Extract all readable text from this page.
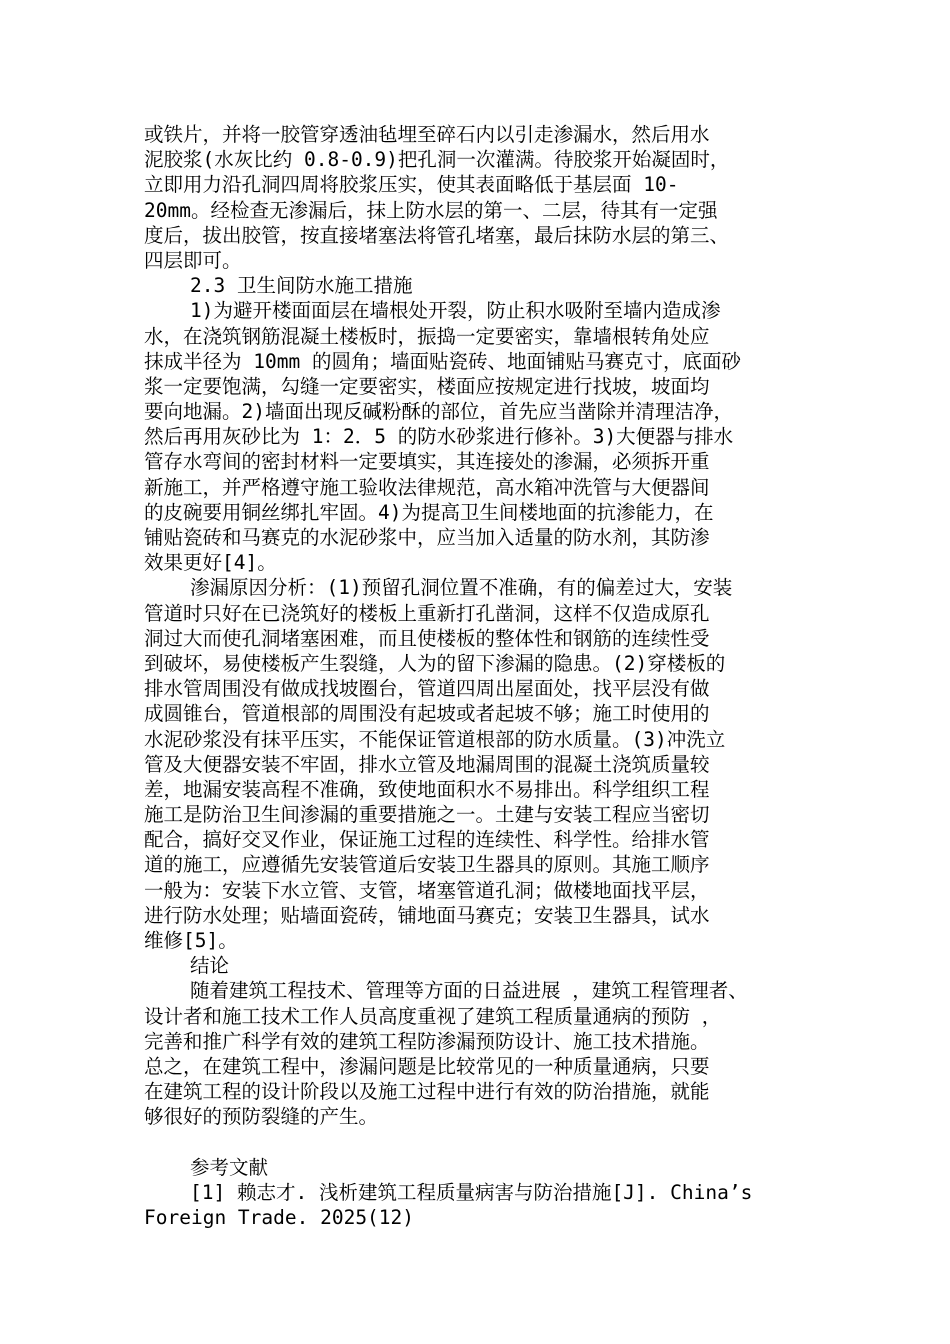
或铁片，并将一胶管穿透油毡埋至碎石内以引走渗漏水，然后用水
泥胶浆(水灰比约 0.8-0.9)把孔洞一次灌满。待胶浆开始凝固时，
立即用力沿孔洞四周将胶浆压实，使其表面略低于基层面 10-
20mm。经检查无渗漏后，抹上防水层的第一、二层，待其有一定强
度后，拔出胶管，按直接堵塞法将管孔堵塞，最后抹防水层的第三、
四层即可。
2.3 卫生间防水施工措施
1)为避开楼面面层在墙根处开裂，防止积水吸附至墙内造成渗
水，在浇筑钢筋混凝土楼板时，振捣一定要密实，靠墙根转角处应
抹成半径为 10mm 的圆角；墙面贴瓷砖、地面铺贴马赛克寸，底面砂
浆一定要饱满，勾缝一定要密实，楼面应按规定进行找坡，坡面均
要向地漏。2)墙面出现反碱粉酥的部位，首先应当凿除并清理洁净，
然后再用灰砂比为 1：2．5 的防水砂浆进行修补。3)大便器与排水
管存水弯间的密封材料一定要填实，其连接处的渗漏，必须拆开重
新施工，并严格遵守施工验收法律规范，高水箱冲洗管与大便器间
的皮碗要用铜丝绑扎牢固。4)为提高卫生间楼地面的抗渗能力，在
铺贴瓷砖和马赛克的水泥砂浆中，应当加入适量的防水剂，其防渗
效果更好[4]。
渗漏原因分析：(1)预留孔洞位置不准确，有的偏差过大，安装
管道时只好在已浇筑好的楼板上重新打孔凿洞，这样不仅造成原孔
洞过大而使孔洞堵塞困难，而且使楼板的整体性和钢筋的连续性受
到破坏，易使楼板产生裂缝，人为的留下渗漏的隐患。(2)穿楼板的
排水管周围没有做成找坡圈台，管道四周出屋面处，找平层没有做
成圆锥台，管道根部的周围没有起坡或者起坡不够；施工时使用的
水泥砂浆没有抹平压实，不能保证管道根部的防水质量。(3)冲洗立
管及大便器安装不牢固，排水立管及地漏周围的混凝土浇筑质量较
差，地漏安装高程不准确，致使地面积水不易排出。科学组织工程
施工是防治卫生间渗漏的重要措施之一。土建与安装工程应当密切
配合，搞好交叉作业，保证施工过程的连续性、科学性。给排水管
道的施工，应遵循先安装管道后安装卫生器具的原则。其施工顺序
一般为：安装下水立管、支管，堵塞管道孔洞；做楼地面找平层，
进行防水处理；贴墙面瓷砖，铺地面马赛克；安装卫生器具，试水
维修[5]。
结论
随着建筑工程技术、管理等方面的日益进展 ，建筑工程管理者、
设计者和施工技术工作人员高度重视了建筑工程质量通病的预防 ，
完善和推广科学有效的建筑工程防渗漏预防设计、施工技术措施。
总之，在建筑工程中，渗漏问题是比较常见的一种质量通病，只要
在建筑工程的设计阶段以及施工过程中进行有效的防治措施，就能
够很好的预防裂缝的产生。
参考文献
[1] 赖志才. 浅析建筑工程质量病害与防治措施[J]. China’s
Foreign Trade. 2025(12)
